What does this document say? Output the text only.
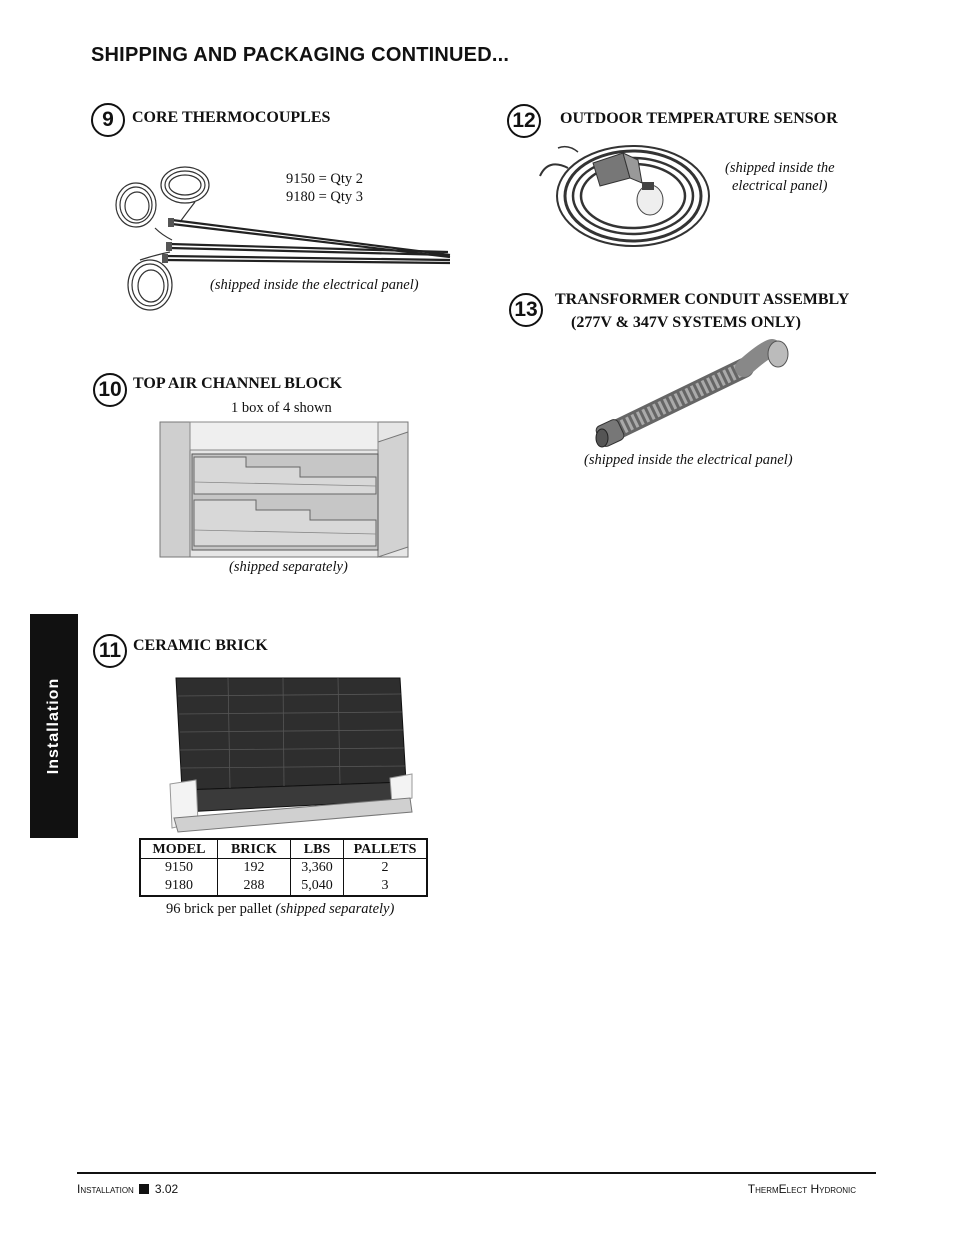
SHIPPING AND PACKAGING CONTINUED...
Installation
9	CORE THERMOCOUPLES
9150 = Qty 2
9180 = Qty 3
(shipped inside the electrical panel)
10 TOP AIR CHANNEL BLOCK
1 box of 4 shown
(shipped separately)
11 CERAMIC BRICK
MODEL	BRICK	LBS	PALLETS
9150	192	3,360	2
9180	288	5,040	3
96 brick per pallet (shipped separately)
12	OUTDOOR TEMPERATURE SENSOR
(shipped inside the
electrical panel)
13	TRANSFORMER CONDUIT ASSEMBLY
(277V & 347V SYSTEMS ONLY)
(shipped inside the electrical panel)
Installation 3.02	ThermElect Hydronic
